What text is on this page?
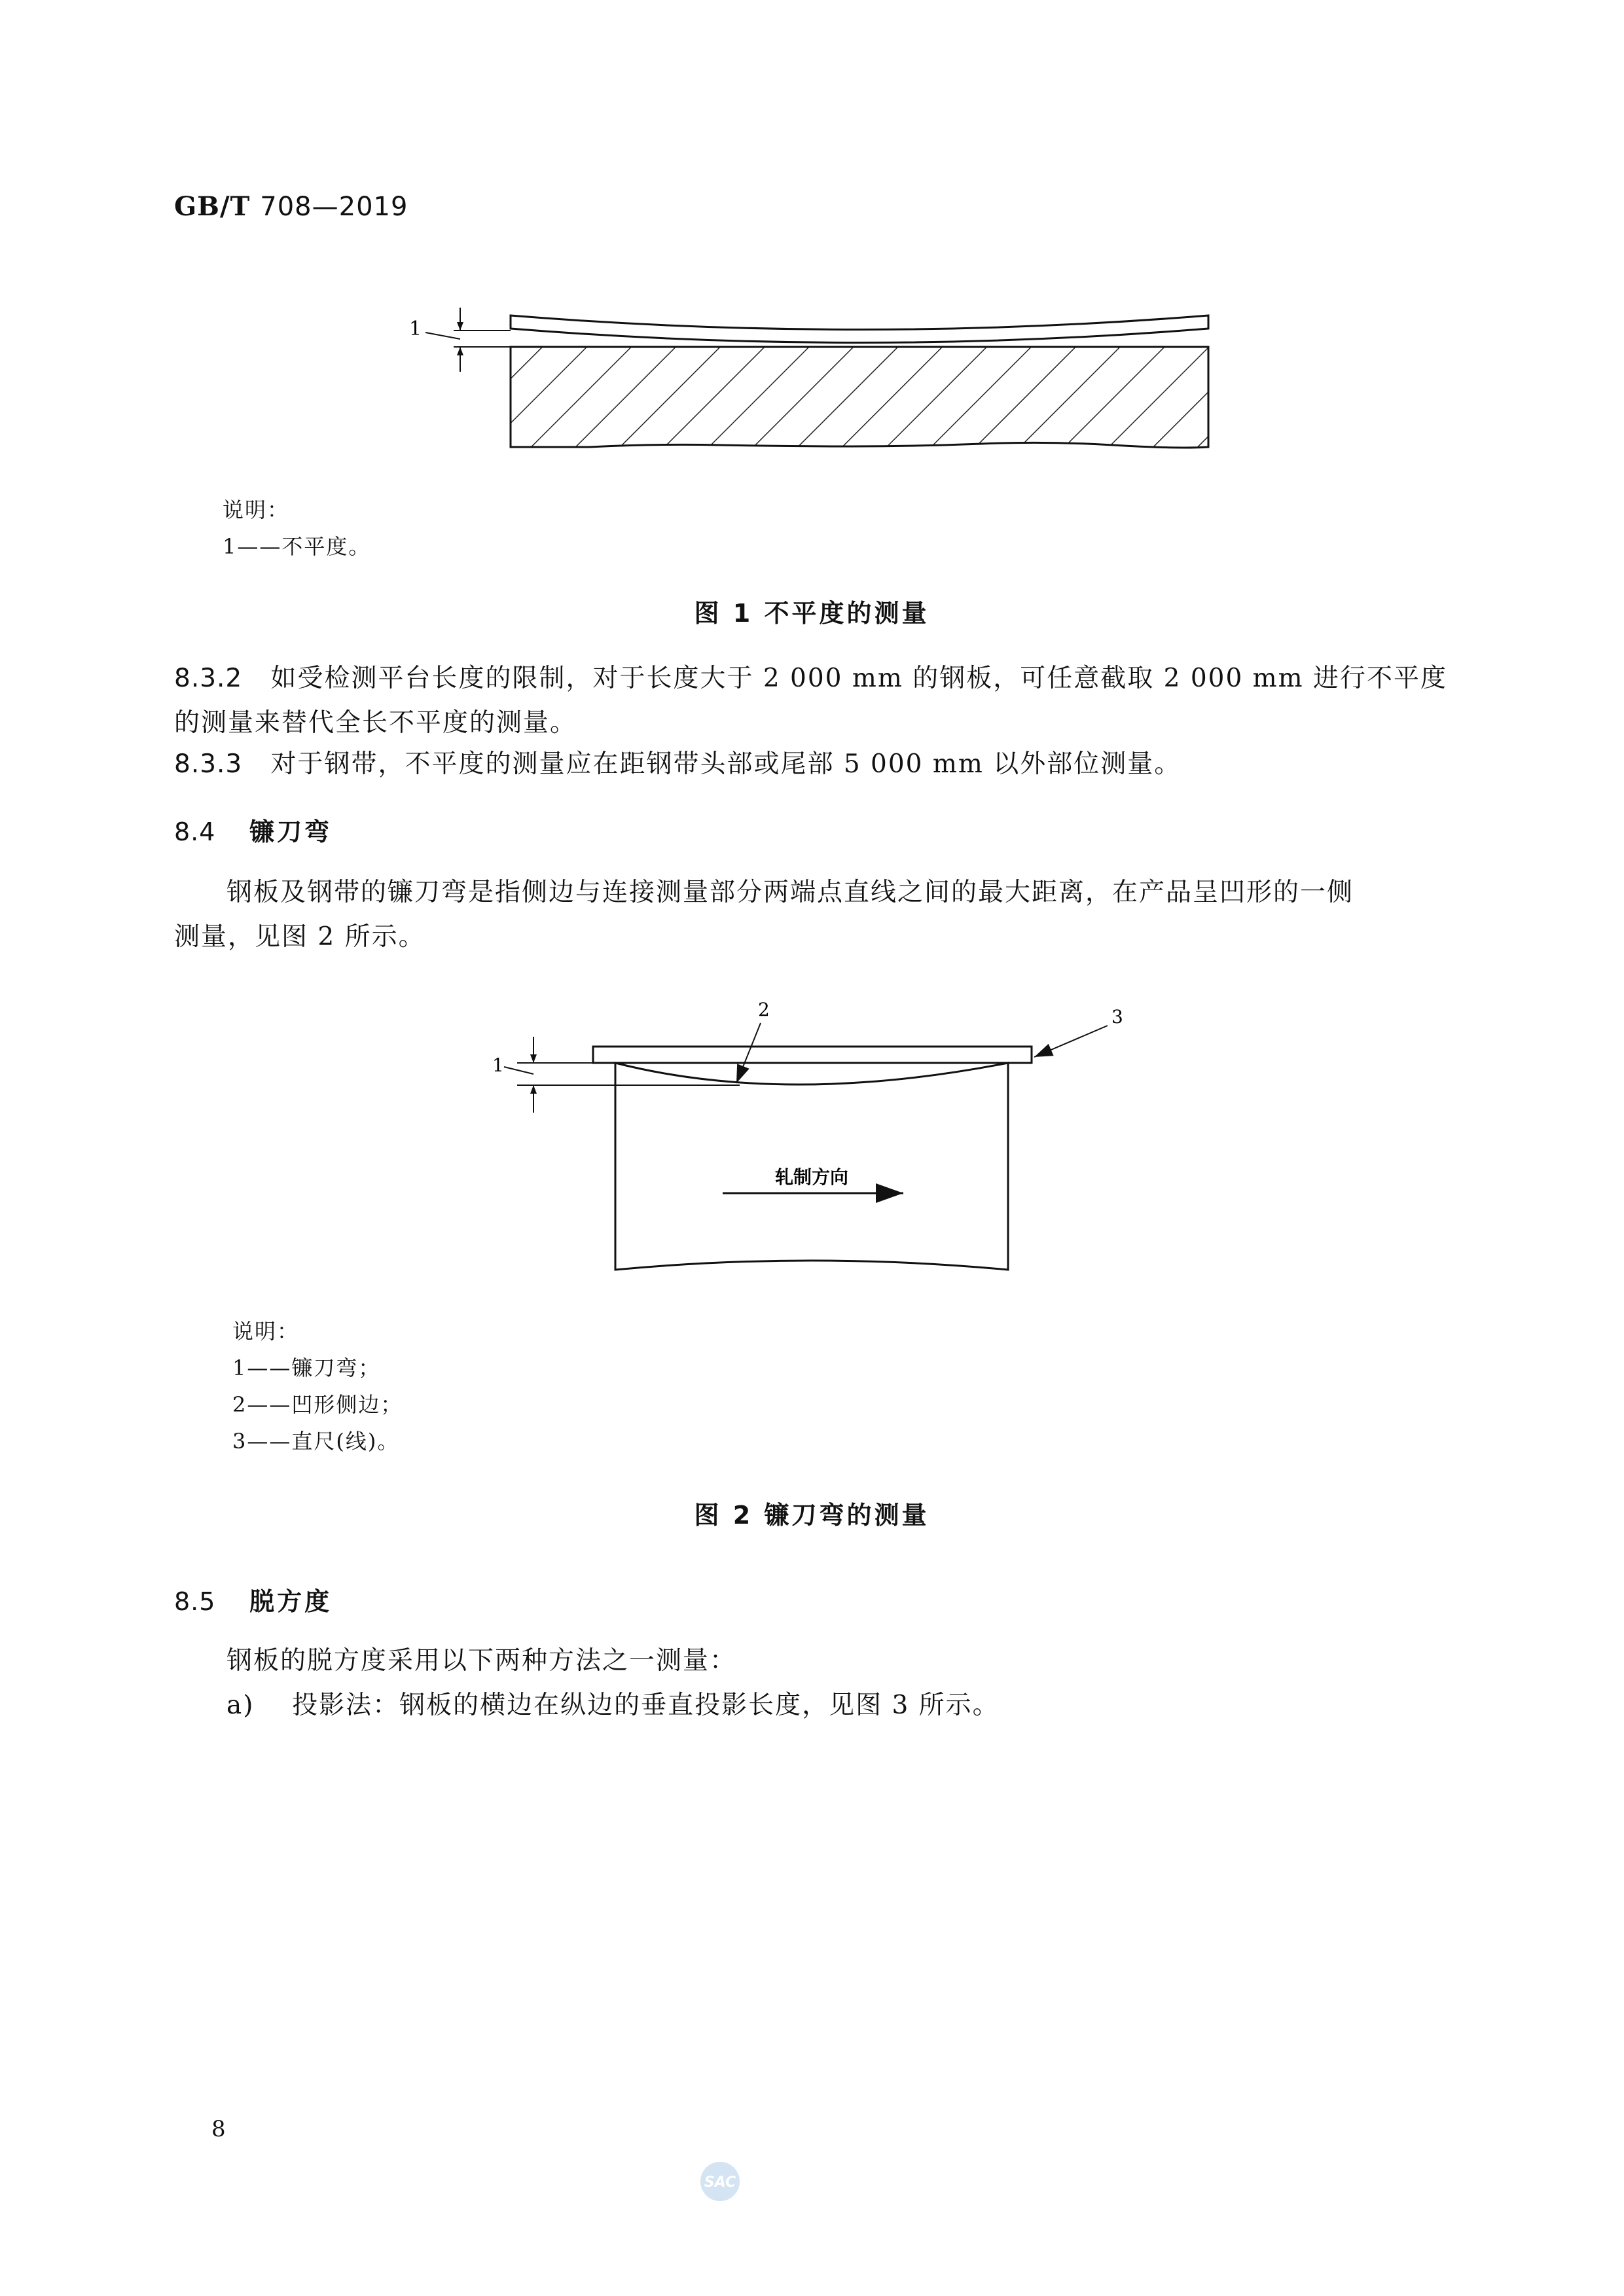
GB/T 708—2019
1
说明：
1——不平度。
图 1 不平度的测量
8.3.2 如受检测平台长度的限制，对于长度大于 2 000 mm 的钢板，可任意截取 2 000 mm 进行不平度
的测量来替代全长不平度的测量。
8.3.3 对于钢带，不平度的测量应在距钢带头部或尾部 5 000 mm 以外部位测量。
8.4 镰刀弯
钢板及钢带的镰刀弯是指侧边与连接测量部分两端点直线之间的最大距离，在产品呈凹形的一侧
测量，见图 2 所示。
1
2	3
轧制方向
说明：
1——镰刀弯；
2——凹形侧边；
3——直尺(线)。
图 2 镰刀弯的测量
8.5 脱方度
钢板的脱方度采用以下两种方法之一测量：
a) 投影法：钢板的横边在纵边的垂直投影长度，见图 3 所示。
8
SAC
